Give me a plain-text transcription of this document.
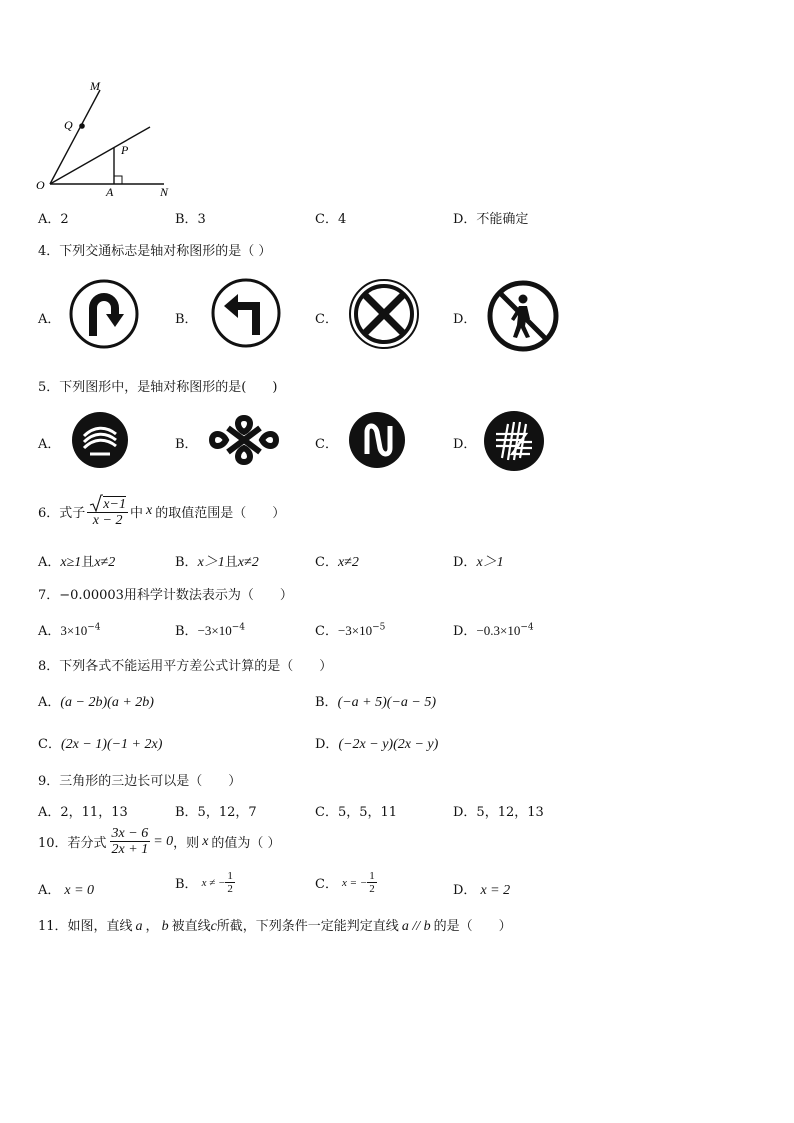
M
Q
P
O	A	N
A．2	B．3	C．4	D．不能确定
4．下列交通标志是轴对称图形的是（ ）
A．	B．	C．	D．
5．下列图形中，是轴对称图形的是(　　)
A．	B．	C．	D．
6．式子 $\frac{x-1}{x - 2}$ 中 x 的取值范围是（　　）
A．x≥1且x≠2	B．x＞1且x≠2	C．x≠2	D．x＞1
7．−0.00003用科学计数法表示为（　　）
A．$3\times 10^{-4}$	B．$-3\times 10^{-4}$	C．$-3\times 10^{-5}$	D．$-0.3\times 10^{-4}$
8．下列各式不能运用平方差公式计算的是（　　）
A．(a − 2b)(a + 2b)	B．(−a + 5)(−a − 5)
C．(2x − 1)(−1 + 2x)	D．(−2x − y)(2x − y)
9．三角形的三边长可以是（　　）
A．2，11，13	B．5，12，7	C．5，5，11	D．5，12，13
10．若分式 $\frac{3x - 6}{2x + 1} = 0$ ，则 x 的值为（ ）
A． x = 0	B． x ≠ − $\frac{1}{2}$	C． x = − $\frac{1}{2}$	D． x = 2
11．如图，直线 a ， b 被直线c所截，下列条件一定能判定直线 a // b 的是（　　）
